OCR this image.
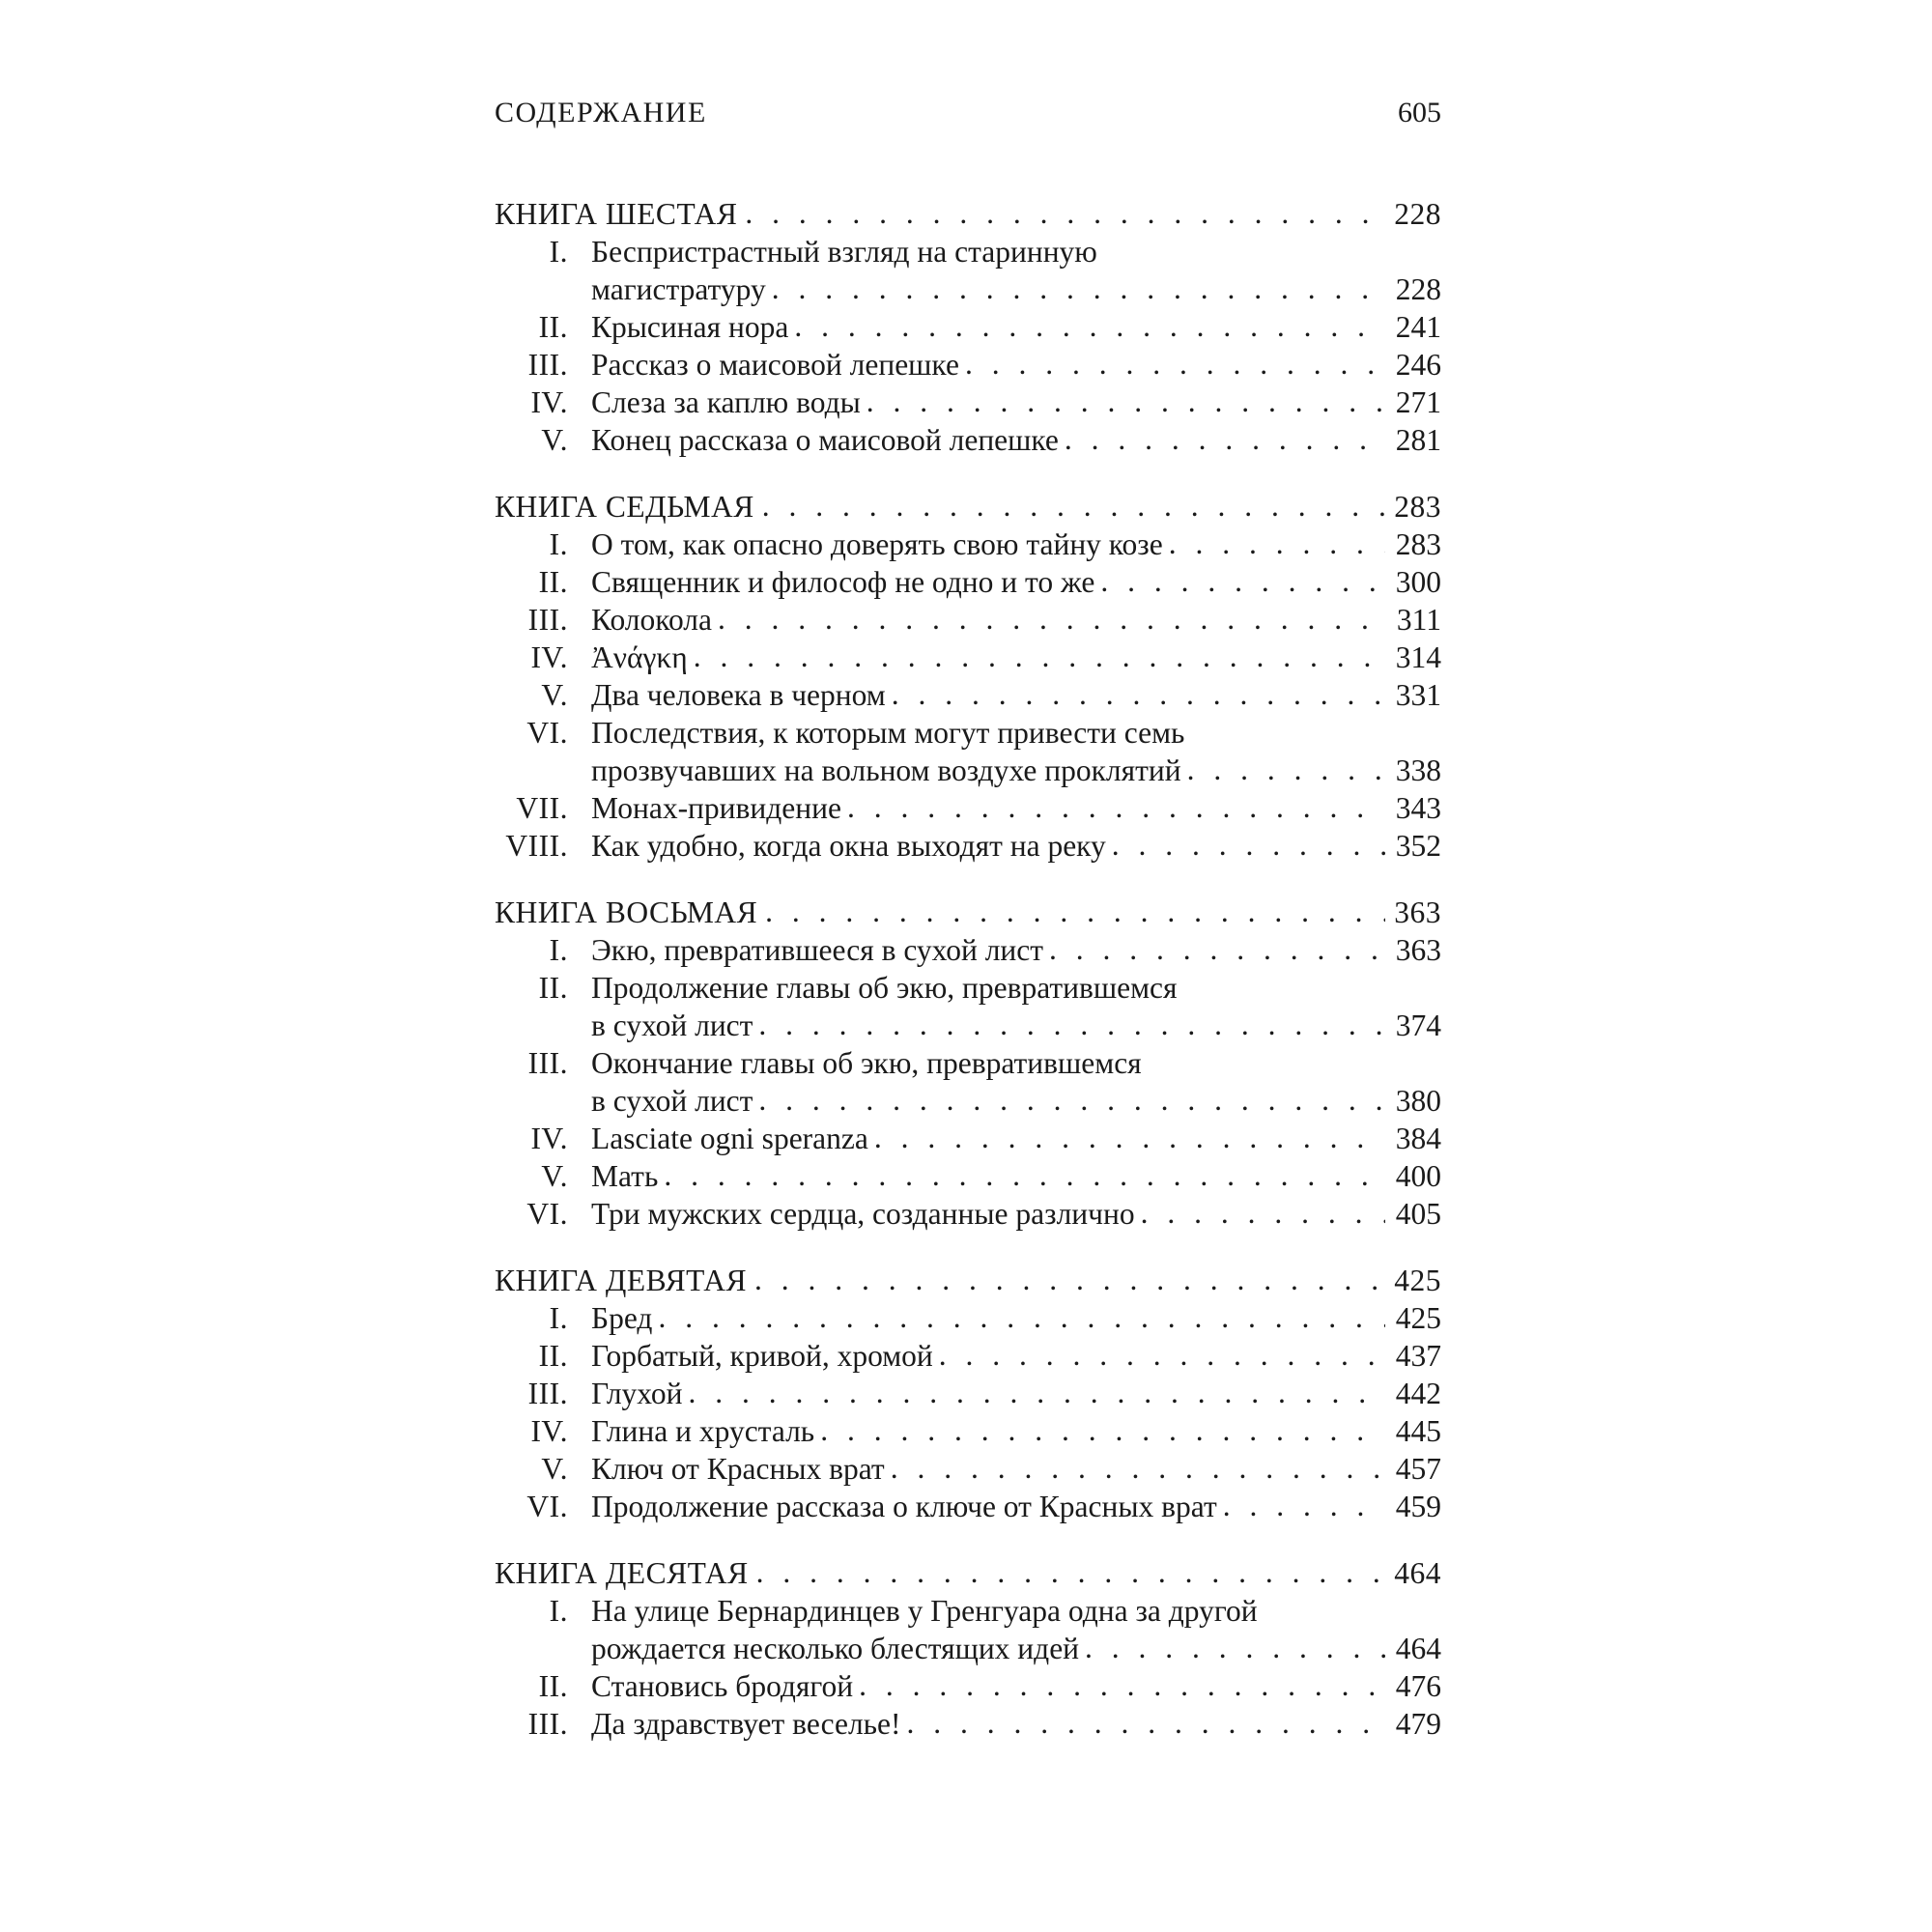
СОДЕРЖАНИЕ	605
КНИГА ШЕСТАЯ . . .	228
I. Беспристрастный взгляд на старинную
магистратуру . . .	228
II. Крысиная нора . . .	241
III. Рассказ о маисовой лепешке . . .	246
IV. Слеза за каплю воды . . .	271
V. Конец рассказа о маисовой лепешке . . .	281
КНИГА СЕДЬМАЯ . . .	283
I. О том, как опасно доверять свою тайну козе . . .	283
II. Священник и философ не одно и то же . . .	300
III. Колокола . . .	311
IV. Ἀνάγκη . . .	314
V. Два человека в черном . . .	331
VI. Последствия, к которым могут привести семь
прозвучавших на вольном воздухе проклятий . . .	338
VII. Монах-привидение . . .	343
VIII. Как удобно, когда окна выходят на реку . . .	352
КНИГА ВОСЬМАЯ . . .	363
I. Экю, превратившееся в сухой лист . . .	363
II. Продолжение главы об экю, превратившемся
в сухой лист . . .	374
III. Окончание главы об экю, превратившемся
в сухой лист . . .	380
IV. Lasciate ogni speranza . . .	384
V. Мать . . .	400
VI. Три мужских сердца, созданные различно . . .	405
КНИГА ДЕВЯТАЯ . . .	425
I. Бред . . .	425
II. Горбатый, кривой, хромой . . .	437
III. Глухой . . .	442
IV. Глина и хрусталь . . .	445
V. Ключ от Красных врат . . .	457
VI. Продолжение рассказа о ключе от Красных врат . . .	459
КНИГА ДЕСЯТАЯ . . .	464
I. На улице Бернардинцев у Гренгуара одна за другой
рождается несколько блестящих идей . . .	464
II. Становись бродягой . . .	476
III. Да здравствует веселье! . . .	479
